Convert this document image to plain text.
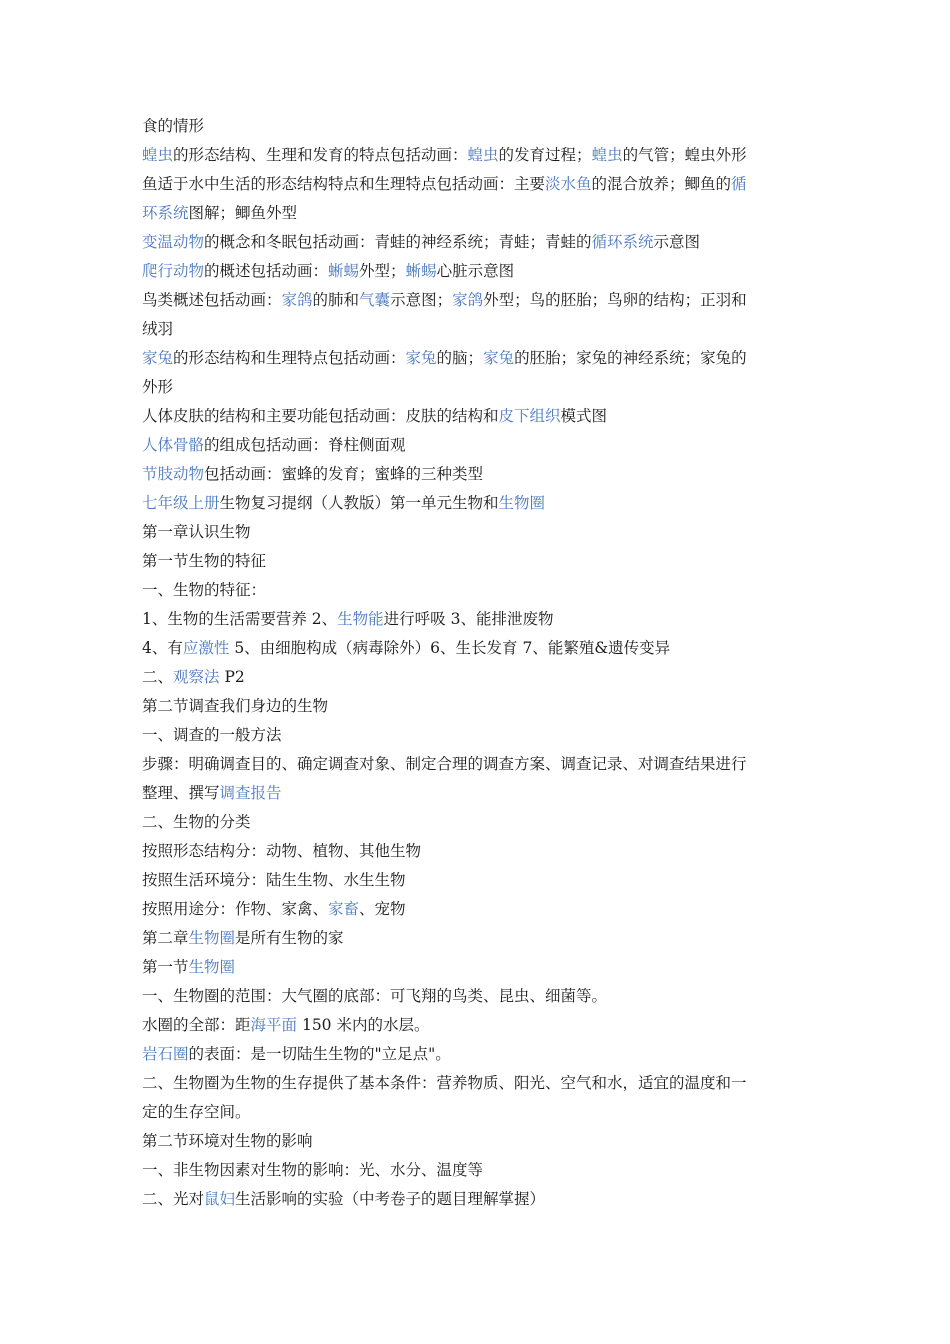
食的情形
蝗虫的形态结构、生理和发育的特点包括动画：蝗虫的发育过程；蝗虫的气管；蝗虫外形
鱼适于水中生活的形态结构特点和生理特点包括动画：主要淡水鱼的混合放养；鲫鱼的循
环系统图解；鲫鱼外型
变温动物的概念和冬眠包括动画：青蛙的神经系统；青蛙；青蛙的循环系统示意图
爬行动物的概述包括动画：蜥蜴外型；蜥蜴心脏示意图
鸟类概述包括动画：家鸽的肺和气囊示意图；家鸽外型；鸟的胚胎；鸟卵的结构；正羽和
绒羽
家兔的形态结构和生理特点包括动画：家兔的脑；家兔的胚胎；家兔的神经系统；家兔的
外形
人体皮肤的结构和主要功能包括动画：皮肤的结构和皮下组织模式图
人体骨骼的组成包括动画：脊柱侧面观
节肢动物包括动画：蜜蜂的发育；蜜蜂的三种类型
七年级上册生物复习提纲（人教版）第一单元生物和生物圈
第一章认识生物
第一节生物的特征
一、生物的特征：
1、生物的生活需要营养 2、生物能进行呼吸 3、能排泄废物
4、有应激性 5、由细胞构成（病毒除外）6、生长发育 7、能繁殖&遗传变异
二、观察法 P2
第二节调查我们身边的生物
一、调查的一般方法
步骤：明确调查目的、确定调查对象、制定合理的调查方案、调查记录、对调查结果进行
整理、撰写调查报告
二、生物的分类
按照形态结构分：动物、植物、其他生物
按照生活环境分：陆生生物、水生生物
按照用途分：作物、家禽、家畜、宠物
第二章生物圈是所有生物的家
第一节生物圈
一、生物圈的范围：大气圈的底部：可飞翔的鸟类、昆虫、细菌等。
水圈的全部：距海平面 150 米内的水层。
岩石圈的表面：是一切陆生生物的"立足点"。
二、生物圈为生物的生存提供了基本条件：营养物质、阳光、空气和水，适宜的温度和一
定的生存空间。
第二节环境对生物的影响
一、非生物因素对生物的影响：光、水分、温度等
二、光对鼠妇生活影响的实验（中考卷子的题目理解掌握）
